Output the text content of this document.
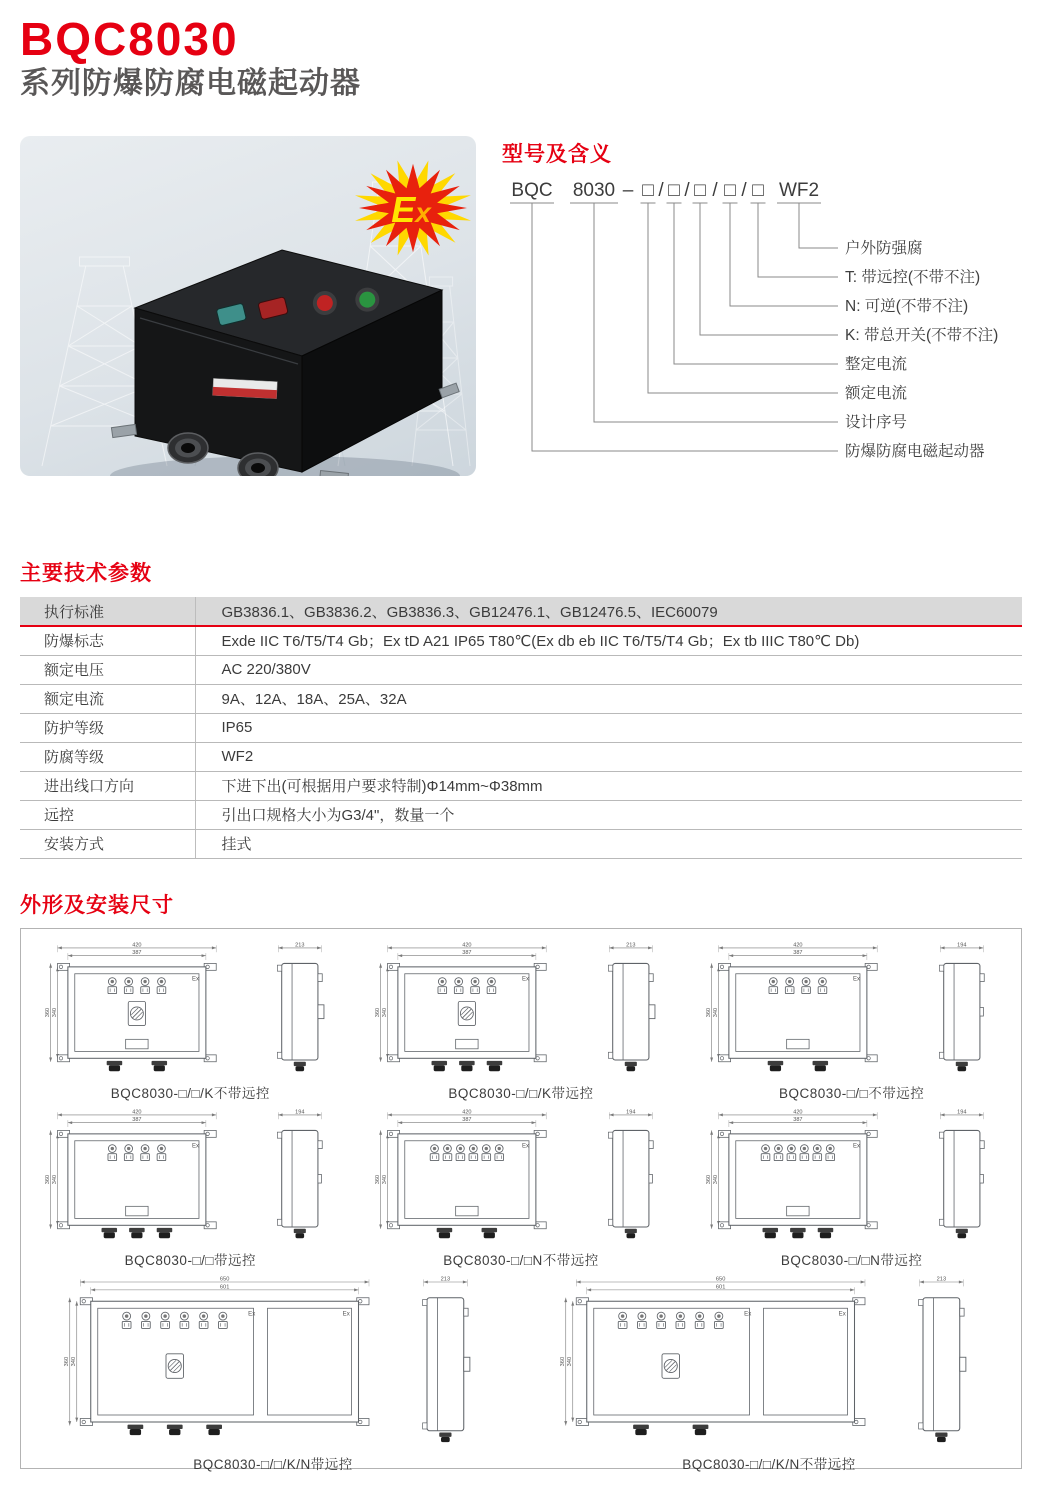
BQC8030
系列防爆防腐电磁起动器
Ex
型号及含义
BQC 8030 □ □ □ □ □ WF2
– / / / /
户外防强腐
T: 带远控(不带不注)
N: 可逆(不带不注)
K: 带总开关(不带不注)
整定电流
额定电流
设计序号
防爆防腐电磁起动器
主要技术参数
执行标准	GB3836.1、GB3836.2、GB3836.3、GB12476.1、GB12476.5、IEC60079
防爆标志	Exde IIC T6/T5/T4 Gb；Ex tD A21 IP65 T80℃(Ex db eb IIC T6/T5/T4 Gb；Ex tb IIIC T80℃ Db)
额定电压	AC 220/380V
额定电流	9A、12A、18A、25A、32A
防护等级	IP65
防腐等级	WF2
进出线口方向	下进下出(可根据用户要求特制)Φ14mm~Φ38mm
远控	引出口规格大小为G3/4"，数量一个
安装方式	挂式
外形及安装尺寸
420
387
360 340
Ex
213
BQC8030-□/□/K不带远控
420
387
360 340
Ex
213
BQC8030-□/□/K带远控
420
387
360 340
Ex
194
BQC8030-□/□不带远控
420
387
360 340
Ex
194
BQC8030-□/□带远控
420
387
360 340
Ex
194
BQC8030-□/□N不带远控
420
387
360 340
Ex
194
BQC8030-□/□N带远控
650
601
360 340
Ex	Ex
213
BQC8030-□/□/K/N带远控
650
601
360 340
Ex	Ex
213
BQC8030-□/□/K/N不带远控
